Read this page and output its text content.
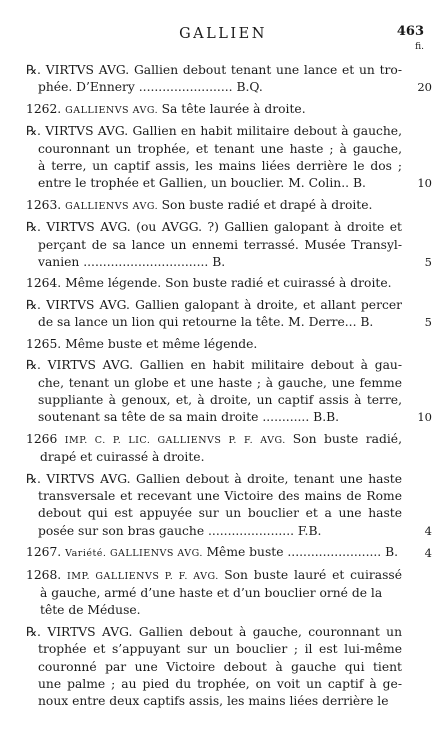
GALLIEN	463
fi.
℞. VIRTVS AVG. Gallien debout tenant une lance et un tro-
phée. D’Ennery ........................ B.Q.	20
1262. GALLIENVS AVG. Sa tête laurée à droite.
℞. VIRTVS AVG. Gallien en habit militaire debout à gauche,
couronnant un trophée, et tenant une haste ; à gauche,
à terre, un captif assis, les mains liées derrière le dos ;
entre le trophée et Gallien, un bouclier. M. Colin.. B.	10
1263. GALLIENVS AVG. Son buste radié et drapé à droite.
℞. VIRTVS AVG. (ou AVGG. ?) Gallien galopant à droite et
perçant de sa lance un ennemi terrassé. Musée Transyl-
vanien ................................ B.	5
1264. Même légende. Son buste radié et cuirassé à droite.
℞. VIRTVS AVG. Gallien galopant à droite, et allant percer
de sa lance un lion qui retourne la tête. M. Derre... B.	5
1265. Même buste et même légende.
℞. VIRTVS AVG. Gallien en habit militaire debout à gau-
che, tenant un globe et une haste ; à gauche, une femme
suppliante à genoux, et, à droite, un captif assis à terre,
soutenant sa tête de sa main droite ............ B.B.	10
1266 IMP. C. P. LIC. GALLIENVS P. F. AVG. Son buste radié,
drapé et cuirassé à droite.
℞. VIRTVS AVG. Gallien debout à droite, tenant une haste
transversale et recevant une Victoire des mains de Rome
debout qui est appuyée sur un bouclier et a une haste
posée sur son bras gauche ...................... F.B.	4
1267. Variété. GALLIENVS AVG. Même buste ........................ B.	4
1268. IMP. GALLIENVS P. F. AVG. Son buste lauré et cuirassé
à gauche, armé d’une haste et d’un bouclier orné de la tête de Méduse.
℞. VIRTVS AVG. Gallien debout à gauche, couronnant un
trophée et s’appuyant sur un bouclier ; il est lui-même
couronné par une Victoire debout à gauche qui tient
une palme ; au pied du trophée, on voit un captif à ge-
noux entre deux captifs assis, les mains liées derrière le
